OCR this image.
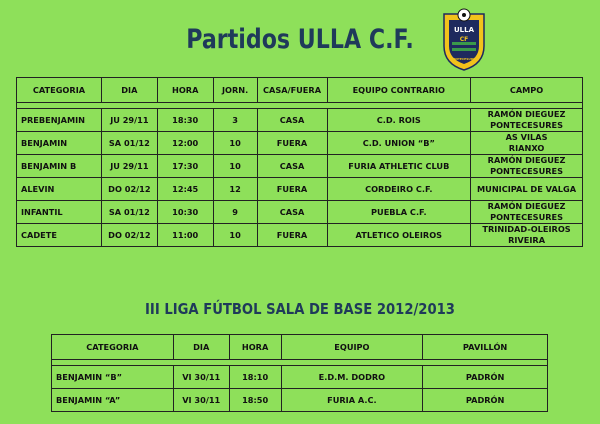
Partidos ULLA C.F.	ULLA
CF
PONTECESURES
CATEGORIA	DIA	HORA	JORN.	CASA/FUERA	EQUIPO CONTRARIO	CAMPO

PREBENJAMIN	JU 29/11	18:30	3	CASA	C.D. ROIS	RAMÓN DIEGUEZ
PONTECESURES
BENJAMIN	SA 01/12	12:00	10	FUERA	C.D. UNION “B”	AS VILAS
RIANXO
BENJAMIN B	JU 29/11	17:30	10	CASA	FURIA ATHLETIC CLUB	RAMÓN DIEGUEZ
PONTECESURES
ALEVIN	DO 02/12	12:45	12	FUERA	CORDEIRO C.F.	MUNICIPAL DE VALGA
INFANTIL	SA 01/12	10:30	9	CASA	PUEBLA C.F.	RAMÓN DIEGUEZ
PONTECESURES
CADETE	DO 02/12	11:00	10	FUERA	ATLETICO OLEIROS	TRINIDAD-OLEIROS
RIVEIRA
III LIGA FÚTBOL SALA DE BASE 2012/2013
CATEGORIA	DIA	HORA	EQUIPO	PAVILLÓN

BENJAMIN “B”	VI 30/11	18:10	E.D.M. DODRO	PADRÓN
BENJAMIN “A”	VI 30/11	18:50	FURIA A.C.	PADRÓN
